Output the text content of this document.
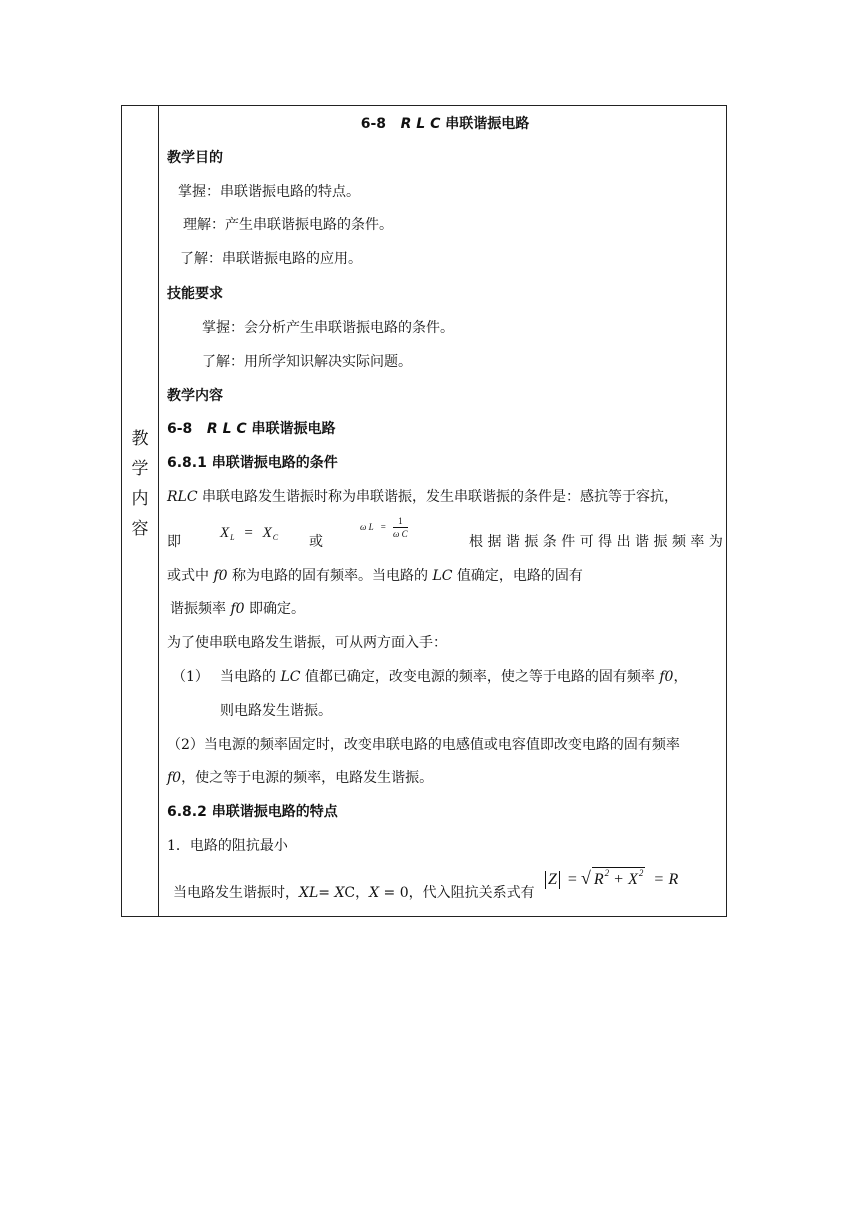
教
学
内
容
6-8 R L C 串联谐振电路
教学目的
掌握：串联谐振电路的特点。
理解：产生串联谐振电路的条件。
了解：串联谐振电路的应用。
技能要求
掌握：会分析产生串联谐振电路的条件。
了解：用所学知识解决实际问题。
教学内容
6-8 R L C 串联谐振电路
6.8.1 串联谐振电路的条件
RLC 串联电路发生谐振时称为串联谐振，发生串联谐振的条件是：感抗等于容抗，
即
$X_L = X_C$ 或
ω $L = \frac{1}{\text{ω C}}$
根 据 谐 振 条 件 可 得 出 谐 振 频 率 为
或式中 f0 称为电路的固有频率。当电路的 LC 值确定，电路的固有
谐振频率 f0 即确定。
为了使串联电路发生谐振，可从两方面入手：
（1） 当电路的 LC 值都已确定，改变电源的频率，使之等于电路的固有频率 f0，
则电路发生谐振。
（2）当电源的频率固定时，改变串联电路的电感值或电容值即改变电路的固有频率
f0，使之等于电源的频率，电路发生谐振。
6.8.2 串联谐振电路的特点
1．电路的阻抗最小
当电路发生谐振时，XL= XC，X = 0，代入阻抗关系式有
Z = √ $R^2 + X^2 = R$
